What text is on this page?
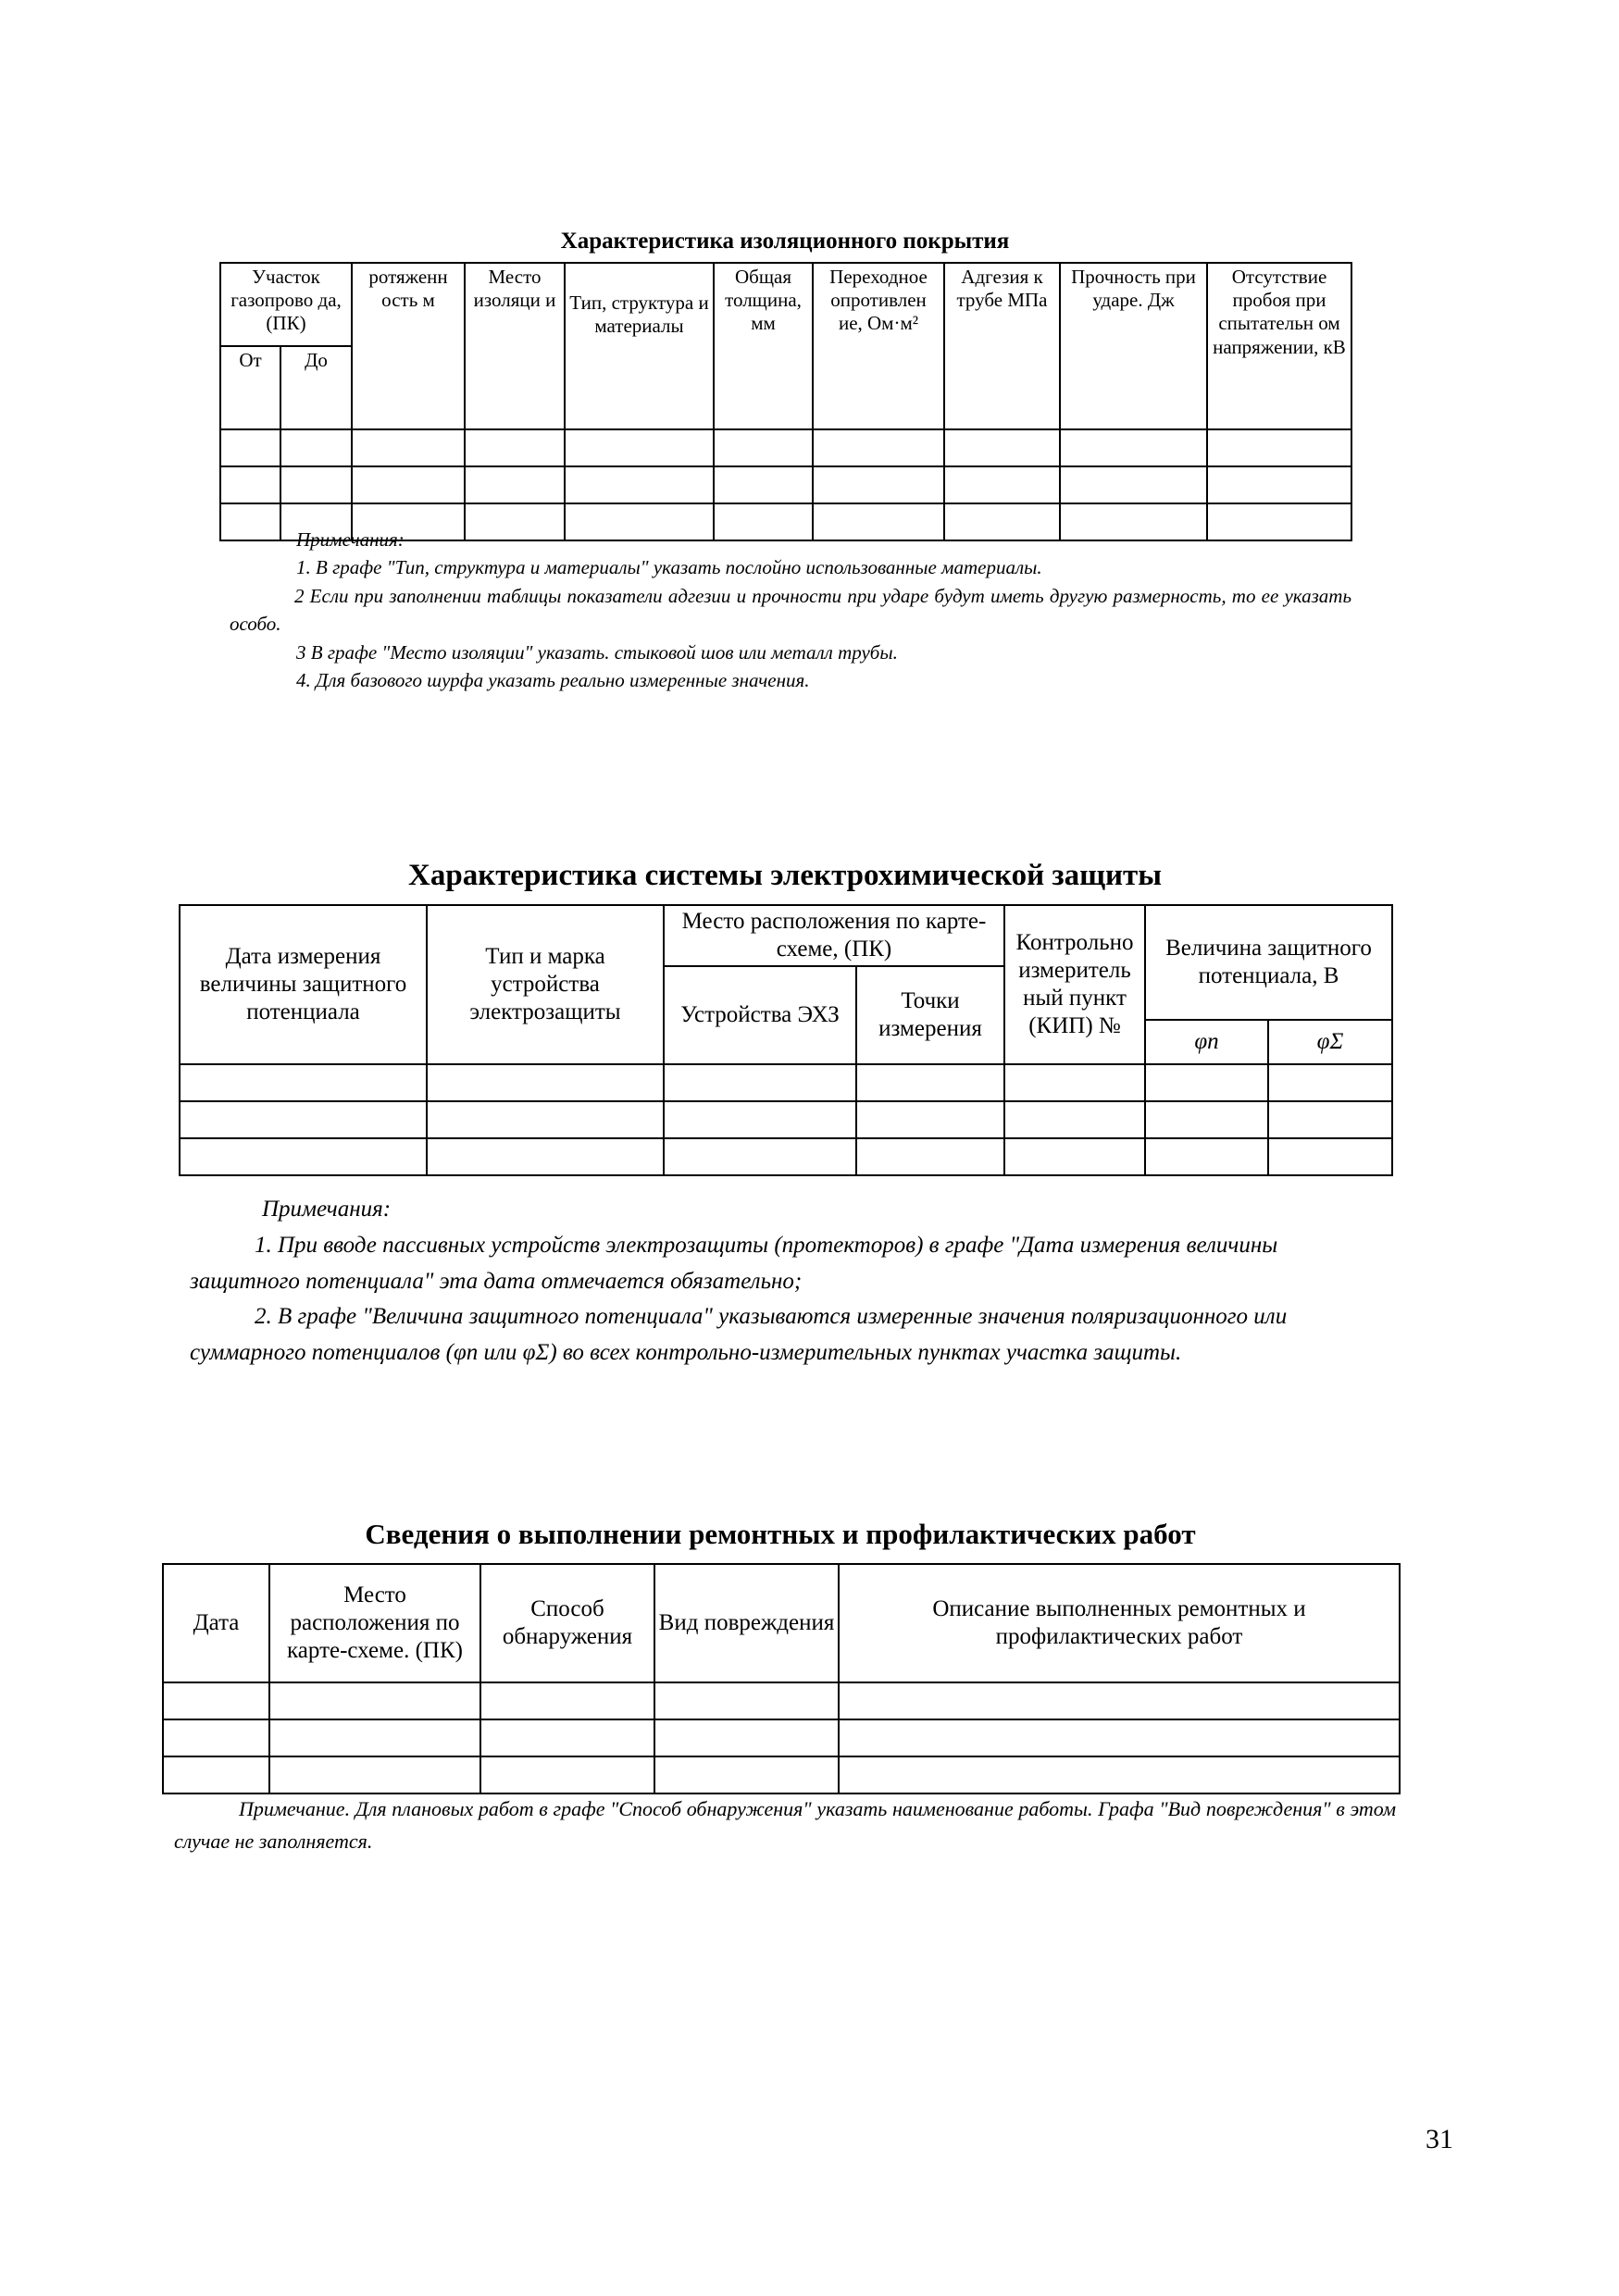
Характеристика изоляционного покрытия
Участок газопрово да, (ПК)		ротяженн ость м	Место изоляци и	Тип, структура и материалы	Общая толщина, мм	Переходное опротивлен ие, Ом·м²	Адгезия к трубе МПа	Прочность при ударе. Дж	Отсутствие пробоя при спытательн ом напряжении, кВ
От	До								

Примечания:

1. В графе "Тип, структура и материалы" указать послойно использованные материалы.

2 Если при заполнении таблицы показатели адгезии и прочности при ударе будут иметь другую размерность, то ее указать особо.

3 В графе "Место изоляции" указать. стыковой шов или металл трубы.

4. Для базового шурфа указать реально измеренные значения.

Характеристика системы электрохимической защиты
Дата измерения величины защитного потенциала	Тип и марка устройства электрозащиты	Место расположения по карте-схеме, (ПК)		Контрольно измеритель ный пункт (КИП) №	Величина защитного потенциала, В	
		Устройства ЭХЗ	Точки измерения			
					φп	φΣ

Примечания:

1. При вводе пассивных устройств электрозащиты (протекторов) в графе "Дата измерения величины защитного потенциала" эта дата отмечается обязательно;

2. В графе "Величина защитного потенциала" указываются измеренные значения поляризационного или суммарного потенциалов (φп или φΣ) во всех контрольно-измерительных пунктах участка защиты.

Сведения о выполнении ремонтных и профилактических работ
Дата	Место расположения по карте-схеме. (ПК)	Способ обнаружения	Вид повреждения	Описание выполненных ремонтных и профилактических работ

Примечание. Для плановых работ в графе "Способ обнаружения" указать наименование работы. Графа "Вид повреждения" в этом случае не заполняется.

31
